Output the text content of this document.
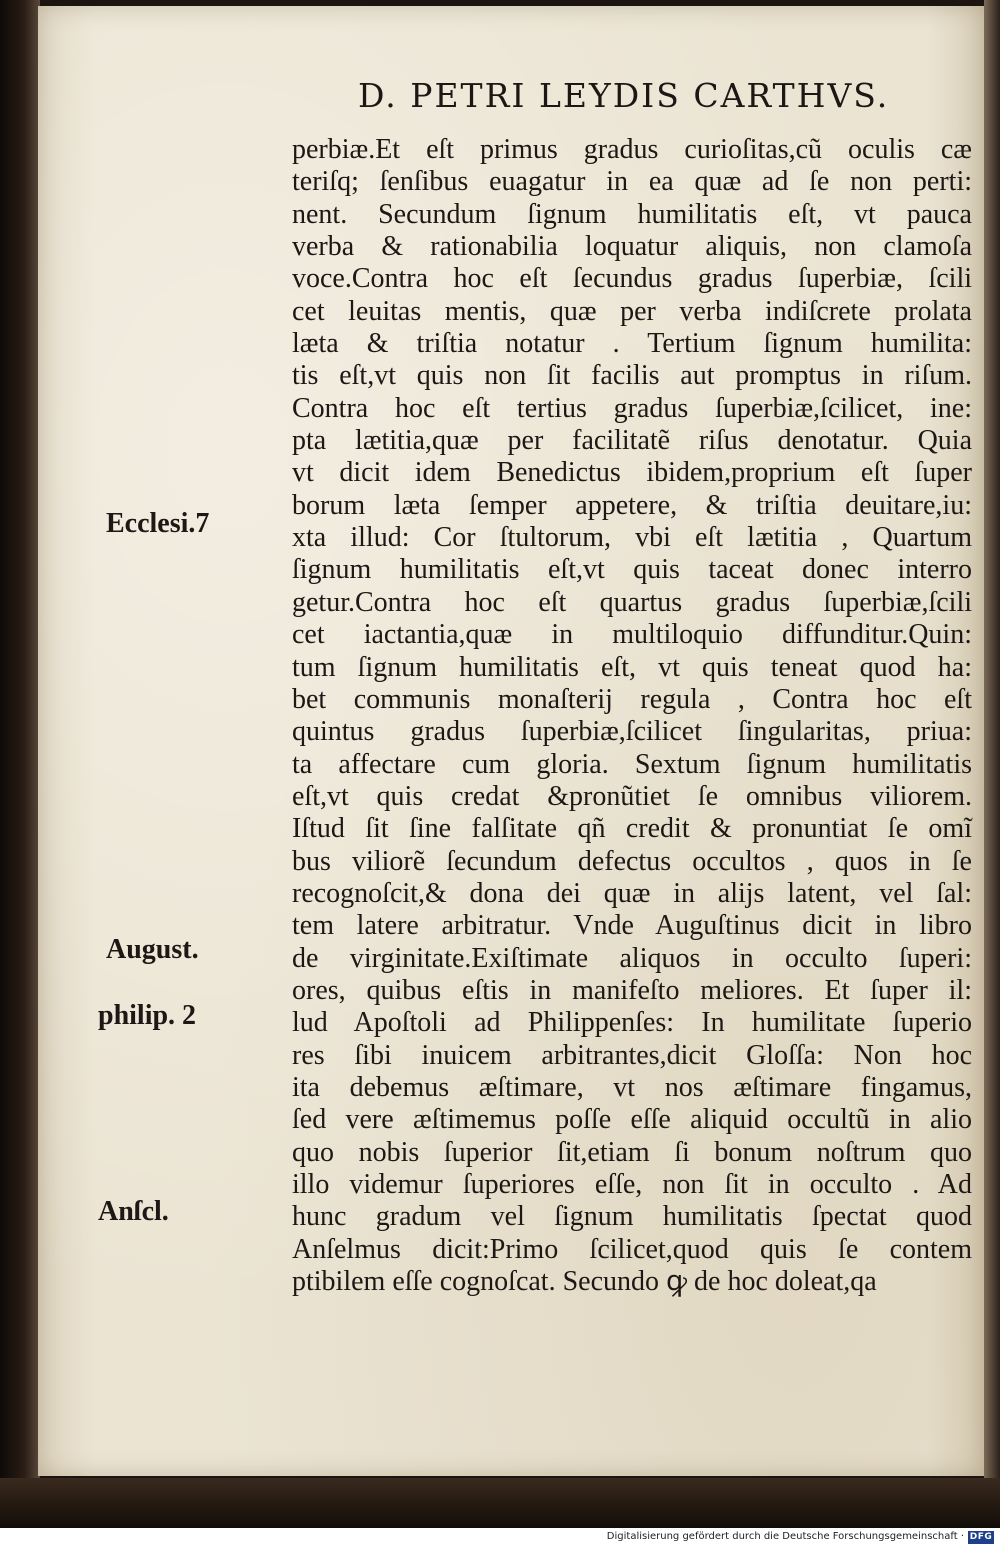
D. PETRI LEYDIS CARTHVS.
perbiæ.Et eſt primus gradus curioſitas,cũ oculis cæ
teriſq; ſenſibus euagatur in ea quæ ad ſe non perti:
nent. Secundum ſignum humilitatis eſt, vt pauca
verba & rationabilia loquatur aliquis, non clamoſa
voce.Contra hoc eſt ſecundus gradus ſuperbiæ, ſcili
cet leuitas mentis, quæ per verba indiſcrete prolata
læta & triſtia notatur . Tertium ſignum humilita:
tis eſt,vt quis non ſit facilis aut promptus in riſum.
Contra hoc eſt tertius gradus ſuperbiæ,ſcilicet, ine:
pta lætitia,quæ per facilitatẽ riſus denotatur. Quia
vt dicit idem Benedictus ibidem,proprium eſt ſuper
borum læta ſemper appetere, & triſtia deuitare,iu:
xta illud: Cor ſtultorum, vbi eſt lætitia , Quartum
ſignum humilitatis eſt,vt quis taceat donec interro
getur.Contra hoc eſt quartus gradus ſuperbiæ,ſcili
cet iactantia,quæ in multiloquio diffunditur.Quin:
tum ſignum humilitatis eſt, vt quis teneat quod ha:
bet communis monaſterij regula , Contra hoc eſt
quintus gradus ſuperbiæ,ſcilicet ſingularitas, priua:
ta affectare cum gloria. Sextum ſignum humilitatis
eſt,vt quis credat &pronũtiet ſe omnibus viliorem.
Iſtud ſit ſine falſitate qñ credit & pronuntiat ſe omĩ
bus viliorẽ ſecundum defectus occultos , quos in ſe
recognoſcit,& dona dei quæ in alijs latent, vel ſal:
tem latere arbitratur. Vnde Auguſtinus dicit in libro
de virginitate.Exiſtimate aliquos in occulto ſuperi:
ores, quibus eſtis in manifeſto meliores. Et ſuper il:
lud Apoſtoli ad Philippenſes: In humilitate ſuperio
res ſibi inuicem arbitrantes,dicit Gloſſa: Non hoc
ita debemus æſtimare, vt nos æſtimare fingamus,
ſed vere æſtimemus poſſe eſſe aliquid occultũ in alio
quo nobis ſuperior ſit,etiam ſi bonum noſtrum quo
illo videmur ſuperiores eſſe, non ſit in occulto . Ad
hunc gradum vel ſignum humilitatis ſpectat quod
Anſelmus dicit:Primo ſcilicet,quod quis ſe contem
ptibilem eſſe cognoſcat. Secundo ꝙ de hoc doleat,qa
Ecclesi.7
August.
philip. 2
Anſcl.
Digitalisierung gefördert durch die Deutsche Forschungsgemeinschaft · DFG
